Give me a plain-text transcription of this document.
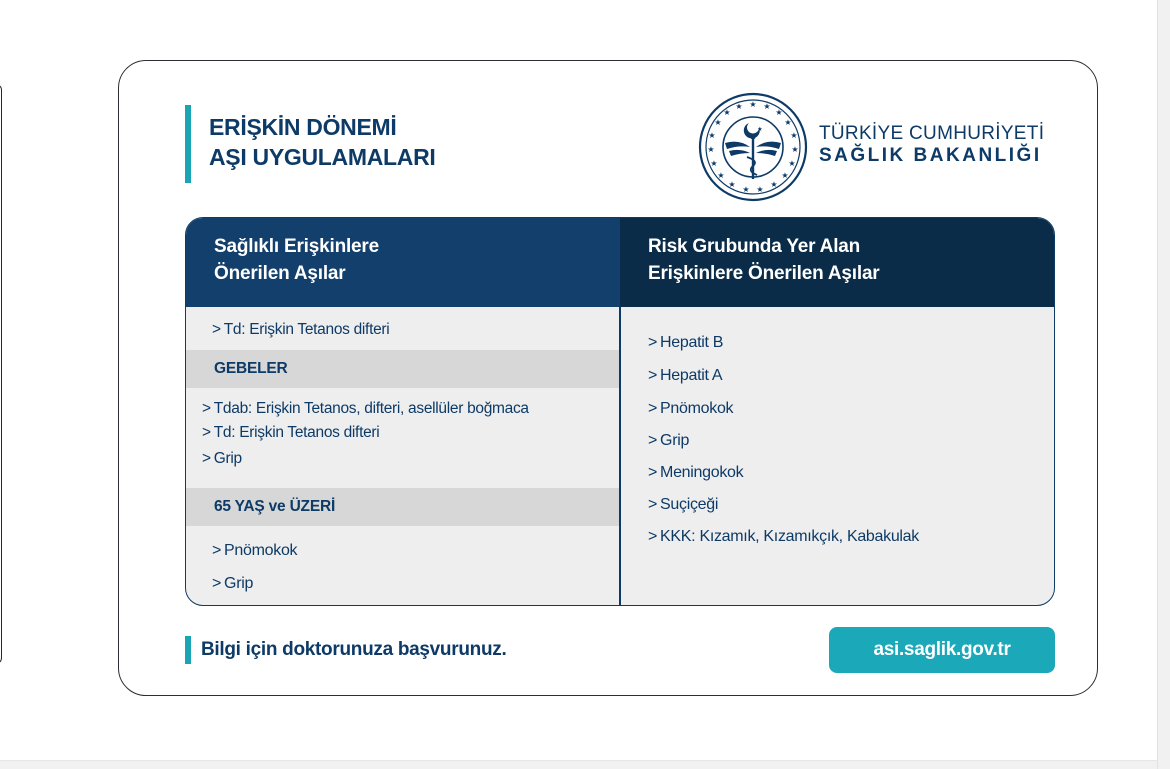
ERİŞKİN DÖNEMİ
AŞI UYGULAMALARI
★ ★
★
★
★
★
★
★
★
★
★
★
★
★
★
★
★
★
★
★	TÜRKİYE CUMHURİYETİ
SAĞLIK BAKANLIĞI
Sağlıklı Erişkinlere
Önerilen Aşılar
Risk Grubunda Yer Alan
Erişkinlere Önerilen Aşılar
> Td: Erişkin Tetanos difteri
GEBELER
> Tdab: Erişkin Tetanos, difteri, asellüler boğmaca
> Td: Erişkin Tetanos difteri
> Grip
65 YAŞ ve ÜZERİ
> Pnömokok
> Grip
> Hepatit B
> Hepatit A
> Pnömokok
> Grip
> Meningokok
> Suçiçeği
> KKK: Kızamık, Kızamıkçık, Kabakulak
Bilgi için doktorunuza başvurunuz.	asi.saglik.gov.tr
